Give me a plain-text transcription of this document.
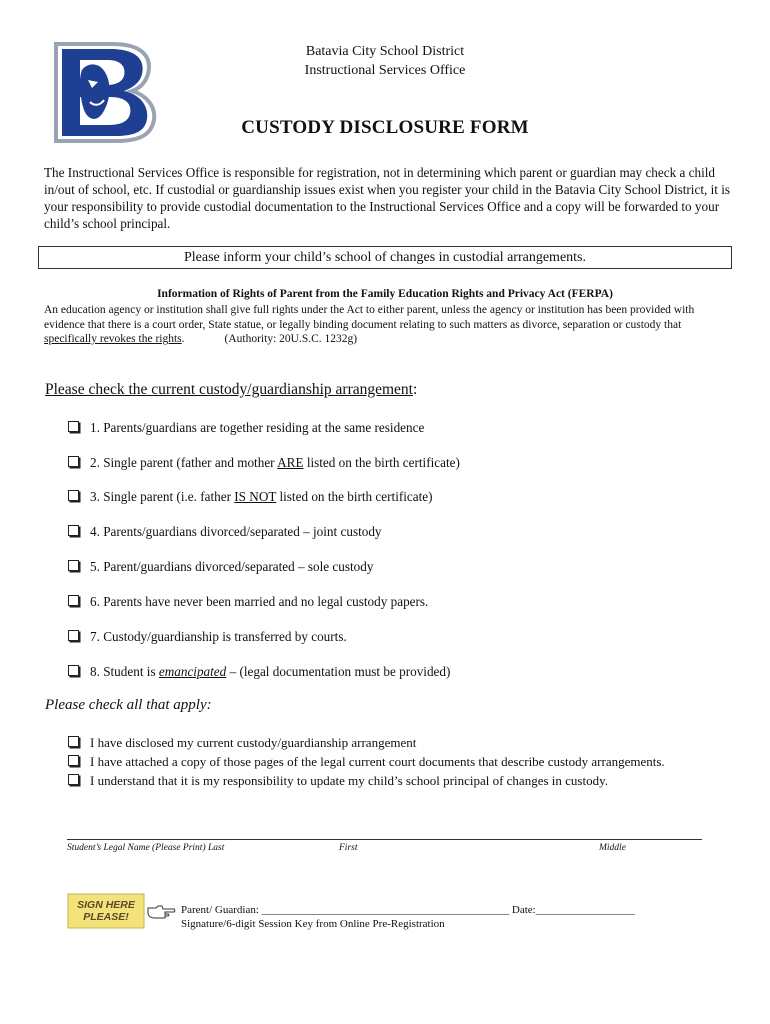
Batavia City School District
Instructional Services Office
CUSTODY DISCLOSURE FORM
The Instructional Services Office is responsible for registration, not in determining which parent or guardian may check a child in/out of school, etc. If custodial or guardianship issues exist when you register your child in the Batavia City School District, it is your responsibility to provide custodial documentation to the Instructional Services Office and a copy will be forwarded to your child’s school principal.
Please inform your child’s school of changes in custodial arrangements.
Information of Rights of Parent from the Family Education Rights and Privacy Act (FERPA)
An education agency or institution shall give full rights under the Act to either parent, unless the agency or institution has been provided with evidence that there is a court order, State statue, or legally binding document relating to such matters as divorce, separation or custody that specifically revokes the rights.	(Authority: 20U.S.C. 1232g)
Please check the current custody/guardianship arrangement:
1. Parents/guardians are together residing at the same residence
2. Single parent (father and mother ARE listed on the birth certificate)
3. Single parent (i.e. father IS NOT listed on the birth certificate)
4. Parents/guardians divorced/separated – joint custody
5. Parent/guardians divorced/separated – sole custody
6. Parents have never been married and no legal custody papers.
7. Custody/guardianship is transferred by courts.
8. Student is emancipated – (legal documentation must be provided)
Please check all that apply:
I have disclosed my current custody/guardianship arrangement
I have attached a copy of those pages of the legal current court documents that describe custody arrangements.
I understand that it is my responsibility to update my child’s school principal of changes in custody.
Student’s Legal Name (Please Print) Last	First	Middle
SIGN HERE
PLEASE!
Parent/ Guardian: _____________________________________________ Date:__________________
Signature/6-digit Session Key from Online Pre-Registration
